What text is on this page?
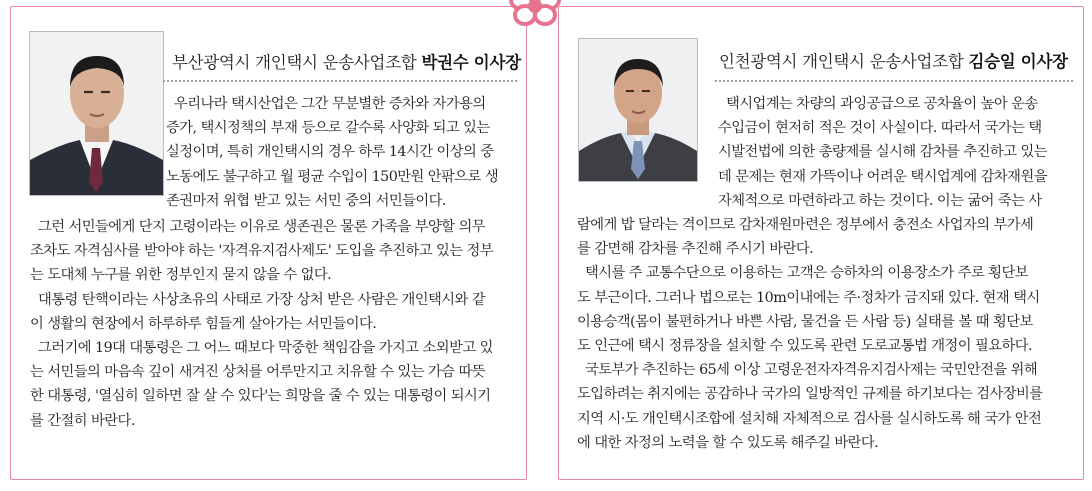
부산광역시 개인택시 운송사업조합 박권수 이사장	인천광역시 개인택시 운송사업조합 김승일 이사장
우리나라 택시산업은 그간 무분별한 증차와 자가용의
증가, 택시정책의 부재 등으로 갈수록 사양화 되고 있는
실정이며, 특히 개인택시의 경우 하루 14시간 이상의 중
노동에도 불구하고 월 평균 수입이 150만원 안팎으로 생
존권마저 위협 받고 있는 서민 중의 서민들이다.
그런 서민들에게 단지 고령이라는 이유로 생존권은 물론 가족을 부양할 의무
조차도 자격심사를 받아야 하는 '자격유지검사제도' 도입을 추진하고 있는 정부
는 도대체 누구를 위한 정부인지 묻지 않을 수 없다.
대통령 탄핵이라는 사상초유의 사태로 가장 상처 받은 사람은 개인택시와 같
이 생활의 현장에서 하루하루 힘들게 살아가는 서민들이다.
그러기에 19대 대통령은 그 어느 때보다 막중한 책임감을 가지고 소외받고 있
는 서민들의 마음속 깊이 새겨진 상처를 어루만지고 치유할 수 있는 가슴 따뜻
한 대통령, '열심히 일하면 잘 살 수 있다'는 희망을 줄 수 있는 대통령이 되시기
를 간절히 바란다.
택시업계는 차량의 과잉공급으로 공차율이 높아 운송
수입금이 현저히 적은 것이 사실이다. 따라서 국가는 택
시발전법에 의한 총량제를 실시해 감차를 추진하고 있는
데 문제는 현재 가뜩이나 어려운 택시업계에 감차재원을
자체적으로 마련하라고 하는 것이다. 이는 굶어 죽는 사
람에게 밥 달라는 격이므로 감차재원마련은 정부에서 충전소 사업자의 부가세
를 감면해 감차를 추진해 주시기 바란다.
택시를 주 교통수단으로 이용하는 고객은 승하차의 이용장소가 주로 횡단보
도 부근이다. 그러나 법으로는 10m이내에는 주·정차가 금지돼 있다. 현재 택시
이용승객(몸이 불편하거나 바쁜 사람, 물건을 든 사람 등) 실태를 볼 때 횡단보
도 인근에 택시 정류장을 설치할 수 있도록 관련 도로교통법 개정이 필요하다.
국토부가 추진하는 65세 이상 고령운전자자격유지검사제는 국민안전을 위해
도입하려는 취지에는 공감하나 국가의 일방적인 규제를 하기보다는 검사장비를
지역 시·도 개인택시조합에 설치해 자체적으로 검사를 실시하도록 해 국가 안전
에 대한 자정의 노력을 할 수 있도록 해주길 바란다.
